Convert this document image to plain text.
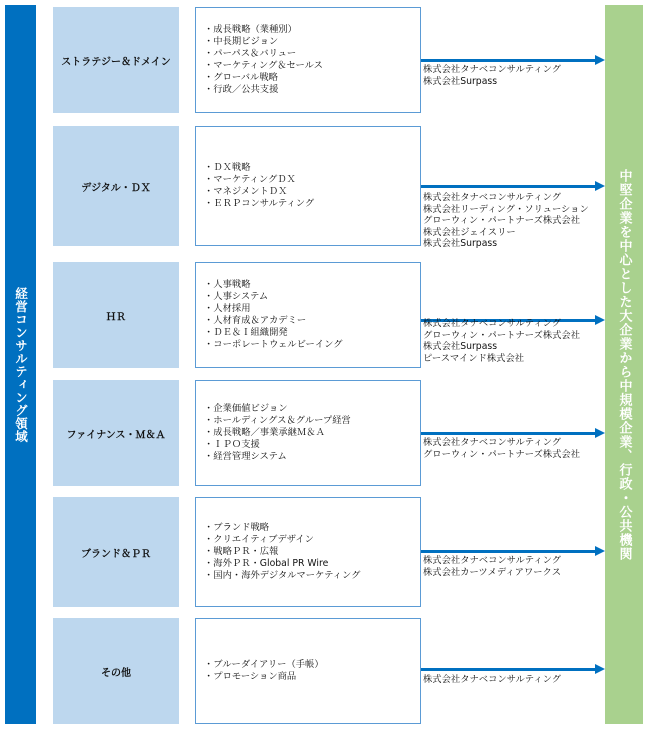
経営コンサルティング領域	中堅企業を中心とした大企業から中規模企業、行政・公共機関
ストラテジー＆ドメイン
・成長戦略（業種別）
・中長期ビジョン
・パーパス＆バリュー
・マーケティング＆セールス
・グローバル戦略
・行政／公共支援
株式会社タナベコンサルティング
株式会社Surpass
デジタル・ＤＸ
・ＤＸ戦略
・マーケティングＤＸ
・マネジメントＤＸ
・ＥＲＰコンサルティング
株式会社タナベコンサルティング
株式会社リーディング・ソリューション
グローウィン・パートナーズ株式会社
株式会社ジェイスリー
株式会社Surpass
ＨＲ
・人事戦略
・人事システム
・人材採用
・人材育成＆アカデミー
・ＤＥ＆Ｉ組織開発
・コーポレートウェルビーイング
株式会社タナベコンサルティング
グローウィン・パートナーズ株式会社
株式会社Surpass
ピースマインド株式会社
ファイナンス・Ｍ＆Ａ
・企業価値ビジョン
・ホールディングス＆グループ経営
・成長戦略／事業承継Ｍ＆Ａ
・ＩＰＯ支援
・経営管理システム
株式会社タナベコンサルティング
グローウィン・パートナーズ株式会社
ブランド＆ＰＲ
・ブランド戦略
・クリエイティブデザイン
・戦略ＰＲ・広報
・海外ＰＲ・Global PR Wire
・国内・海外デジタルマーケティング
株式会社タナベコンサルティング
株式会社カーツメディアワークス
その他
・ブルーダイアリー（手帳）
・プロモーション商品	株式会社タナベコンサルティング
